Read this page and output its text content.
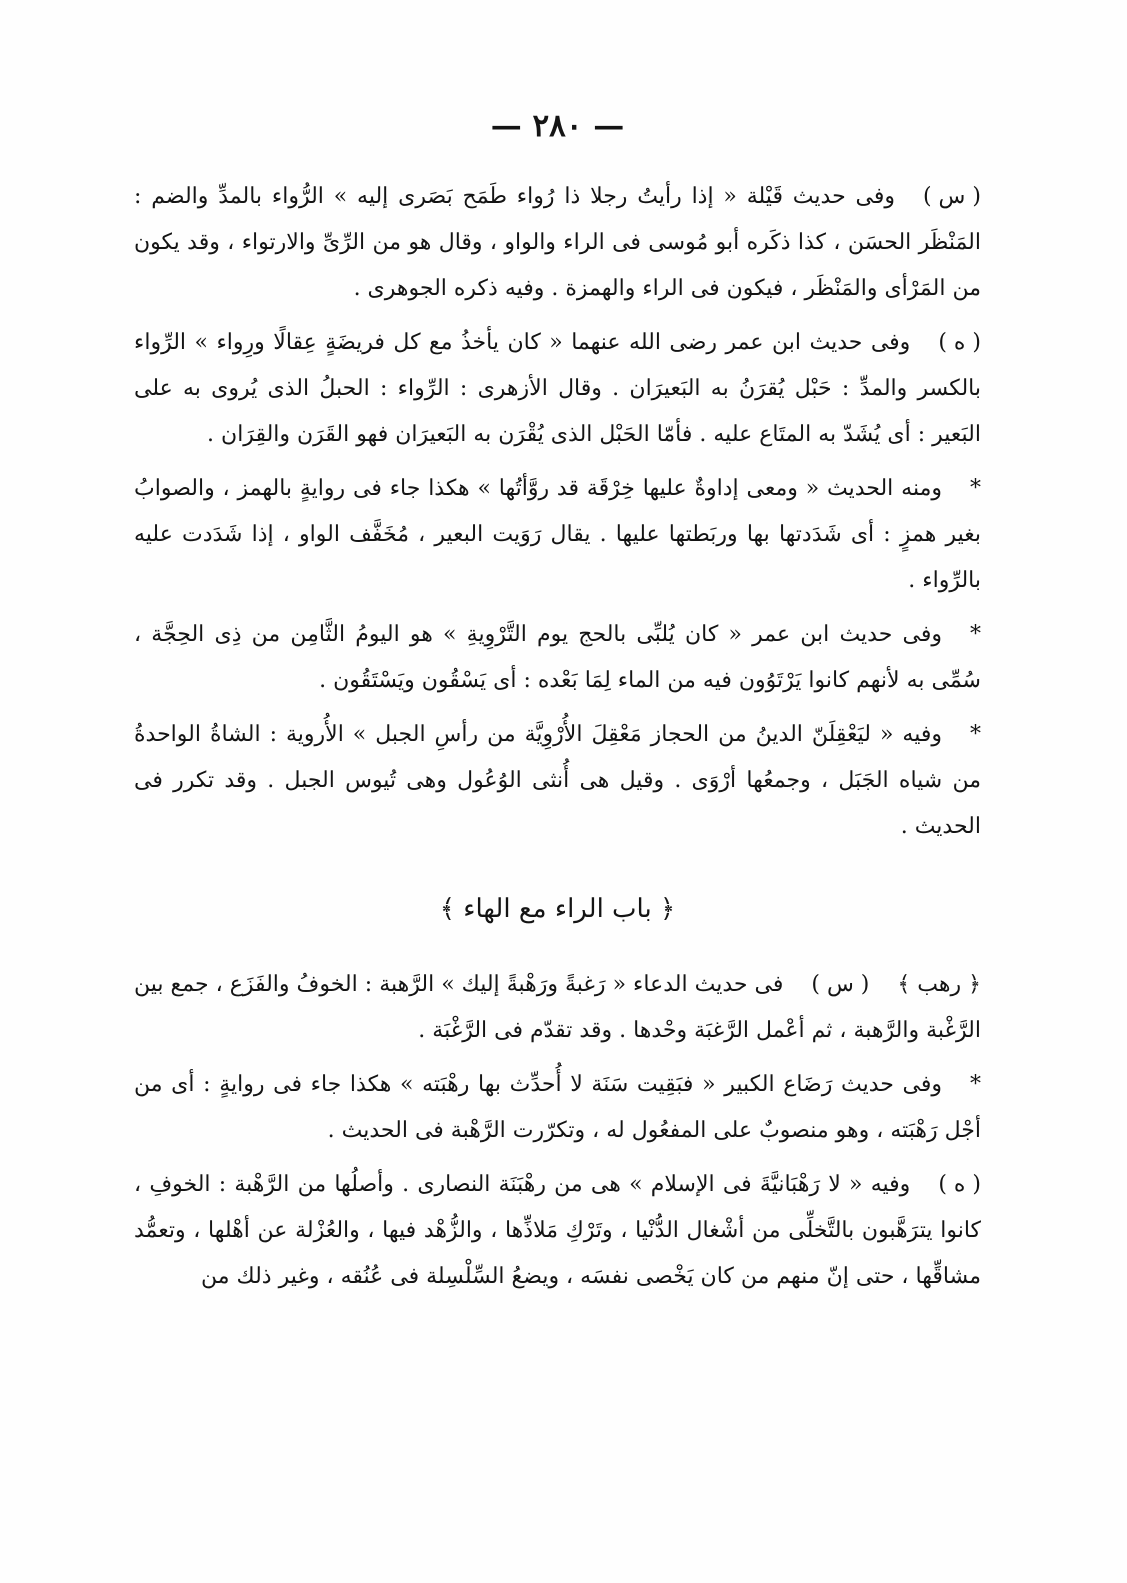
— ٢٨٠ —

( س )وفى حديث قَيْلة « إذا رأيتُ رجلا ذا رُواء طَمَح بَصَرى إليه » الرُّواء بالمدِّ والضم : المَنْظَر الحسَن ، كذا ذكَره أبو مُوسى فى الراء والواو ، وقال هو من الرِّىِّ والارتواء ، وقد يكون من المَرْأى والمَنْظَر ، فيكون فى الراء والهمزة . وفيه ذكره الجوهرى .

( ه )وفى حديث ابن عمر رضى الله عنهما « كان يأخذُ مع كل فريضَةٍ عِقالًا ورِواء » الرِّواء بالكسر والمدِّ : حَبْل يُقرَنُ به البَعيرَان . وقال الأزهرى : الرِّواء : الحبلُ الذى يُروى به على البَعير : أى يُشَدّ به المتَاع عليه . فأمّا الحَبْل الذى يُقْرَن به البَعيرَان فهو القَرَن والقِرَان .

*ومنه الحديث « ومعى إداوةٌ عليها خِرْقَة قد روَّأتُها » هكذا جاء فى روايةٍ بالهمز ، والصوابُ بغير همزٍ : أى شَدَدتها بها وربَطتها عليها . يقال رَوَيت البعير ، مُخَفَّف الواو ، إذا شَدَدت عليه بالرِّواء .

*وفى حديث ابن عمر « كان يُلبِّى بالحج يوم التَّرْوِيةِ » هو اليومُ الثَّامِن من ذِى الحِجَّة ، سُمِّى به لأنهم كانوا يَرْتَوُون فيه من الماء لِمَا بَعْده : أى يَسْقُون ويَسْتَقُون .

*وفيه « ليَعْقِلَنّ الدينُ من الحجاز مَعْقِلَ الأُرْوِيَّة من رأسِ الجبل » الأُروية : الشاةُ الواحدةُ من شياه الجَبَل ، وجمعُها أرْوَى . وقيل هى أُنثى الوُعُول وهى تُيوس الجبل . وقد تكرر فى الحديث .

﴿ باب الراء مع الهاء ﴾

﴿ رهب ﴾( س )فى حديث الدعاء « رَغبةً ورَهْبةً إليك » الرَّهبة : الخوفُ والفَزَع ، جمع بين الرَّغْبة والرَّهبة ، ثم أعْمل الرَّغبَة وحْدها . وقد تقدّم فى الرَّغْبَة .

*وفى حديث رَضَاع الكبير « فبَقِيت سَنَة لا أُحدِّث بها رهْبَته » هكذا جاء فى روايةٍ : أى من أجْل رَهْبَته ، وهو منصوبٌ على المفعُول له ، وتكرّرت الرَّهْبة فى الحديث .

( ه )وفيه « لا رَهْبَانيَّةَ فى الإسلام » هى من رهْبَنَة النصارى . وأصلُها من الرَّهْبة : الخوفِ ، كانوا يترَهَّبون بالتَّخلِّى من أشْغال الدُّنْيا ، وتَرْكِ مَلاذِّها ، والزُّهْد فيها ، والعُزْلة عن أهْلها ، وتعمُّد مشاقِّها ، حتى إنّ منهم من كان يَخْصى نفسَه ، ويضعُ السِّلْسِلة فى عُنُقه ، وغير ذلك من
